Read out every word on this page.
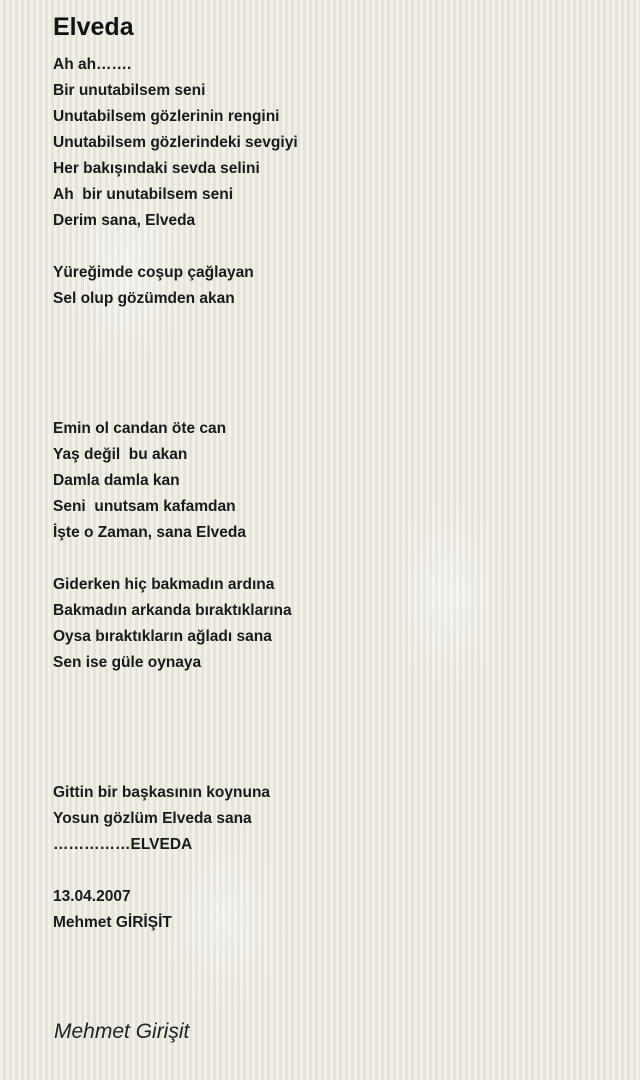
Elveda
Ah ah…….
Bir unutabilsem seni
Unutabilsem gözlerinin rengini
Unutabilsem gözlerindeki sevgiyi
Her bakışındaki sevda selini
Ah  bir unutabilsem seni
Derim sana, Elveda
Yüreğimde coşup çağlayan
Sel olup gözümden akan
Emin ol candan öte can
Yaş değil  bu akan
Damla damla kan
Seni  unutsam kafamdan
İşte o Zaman, sana Elveda
Giderken hiç bakmadın ardına
Bakmadın arkanda bıraktıklarına
Oysa bıraktıkların ağladı sana
Sen ise güle oynaya
Gittin bir başkasının koynuna
Yosun gözlüm Elveda sana
……………ELVEDA
13.04.2007
Mehmet GİRİŞİT
Mehmet Girişit
